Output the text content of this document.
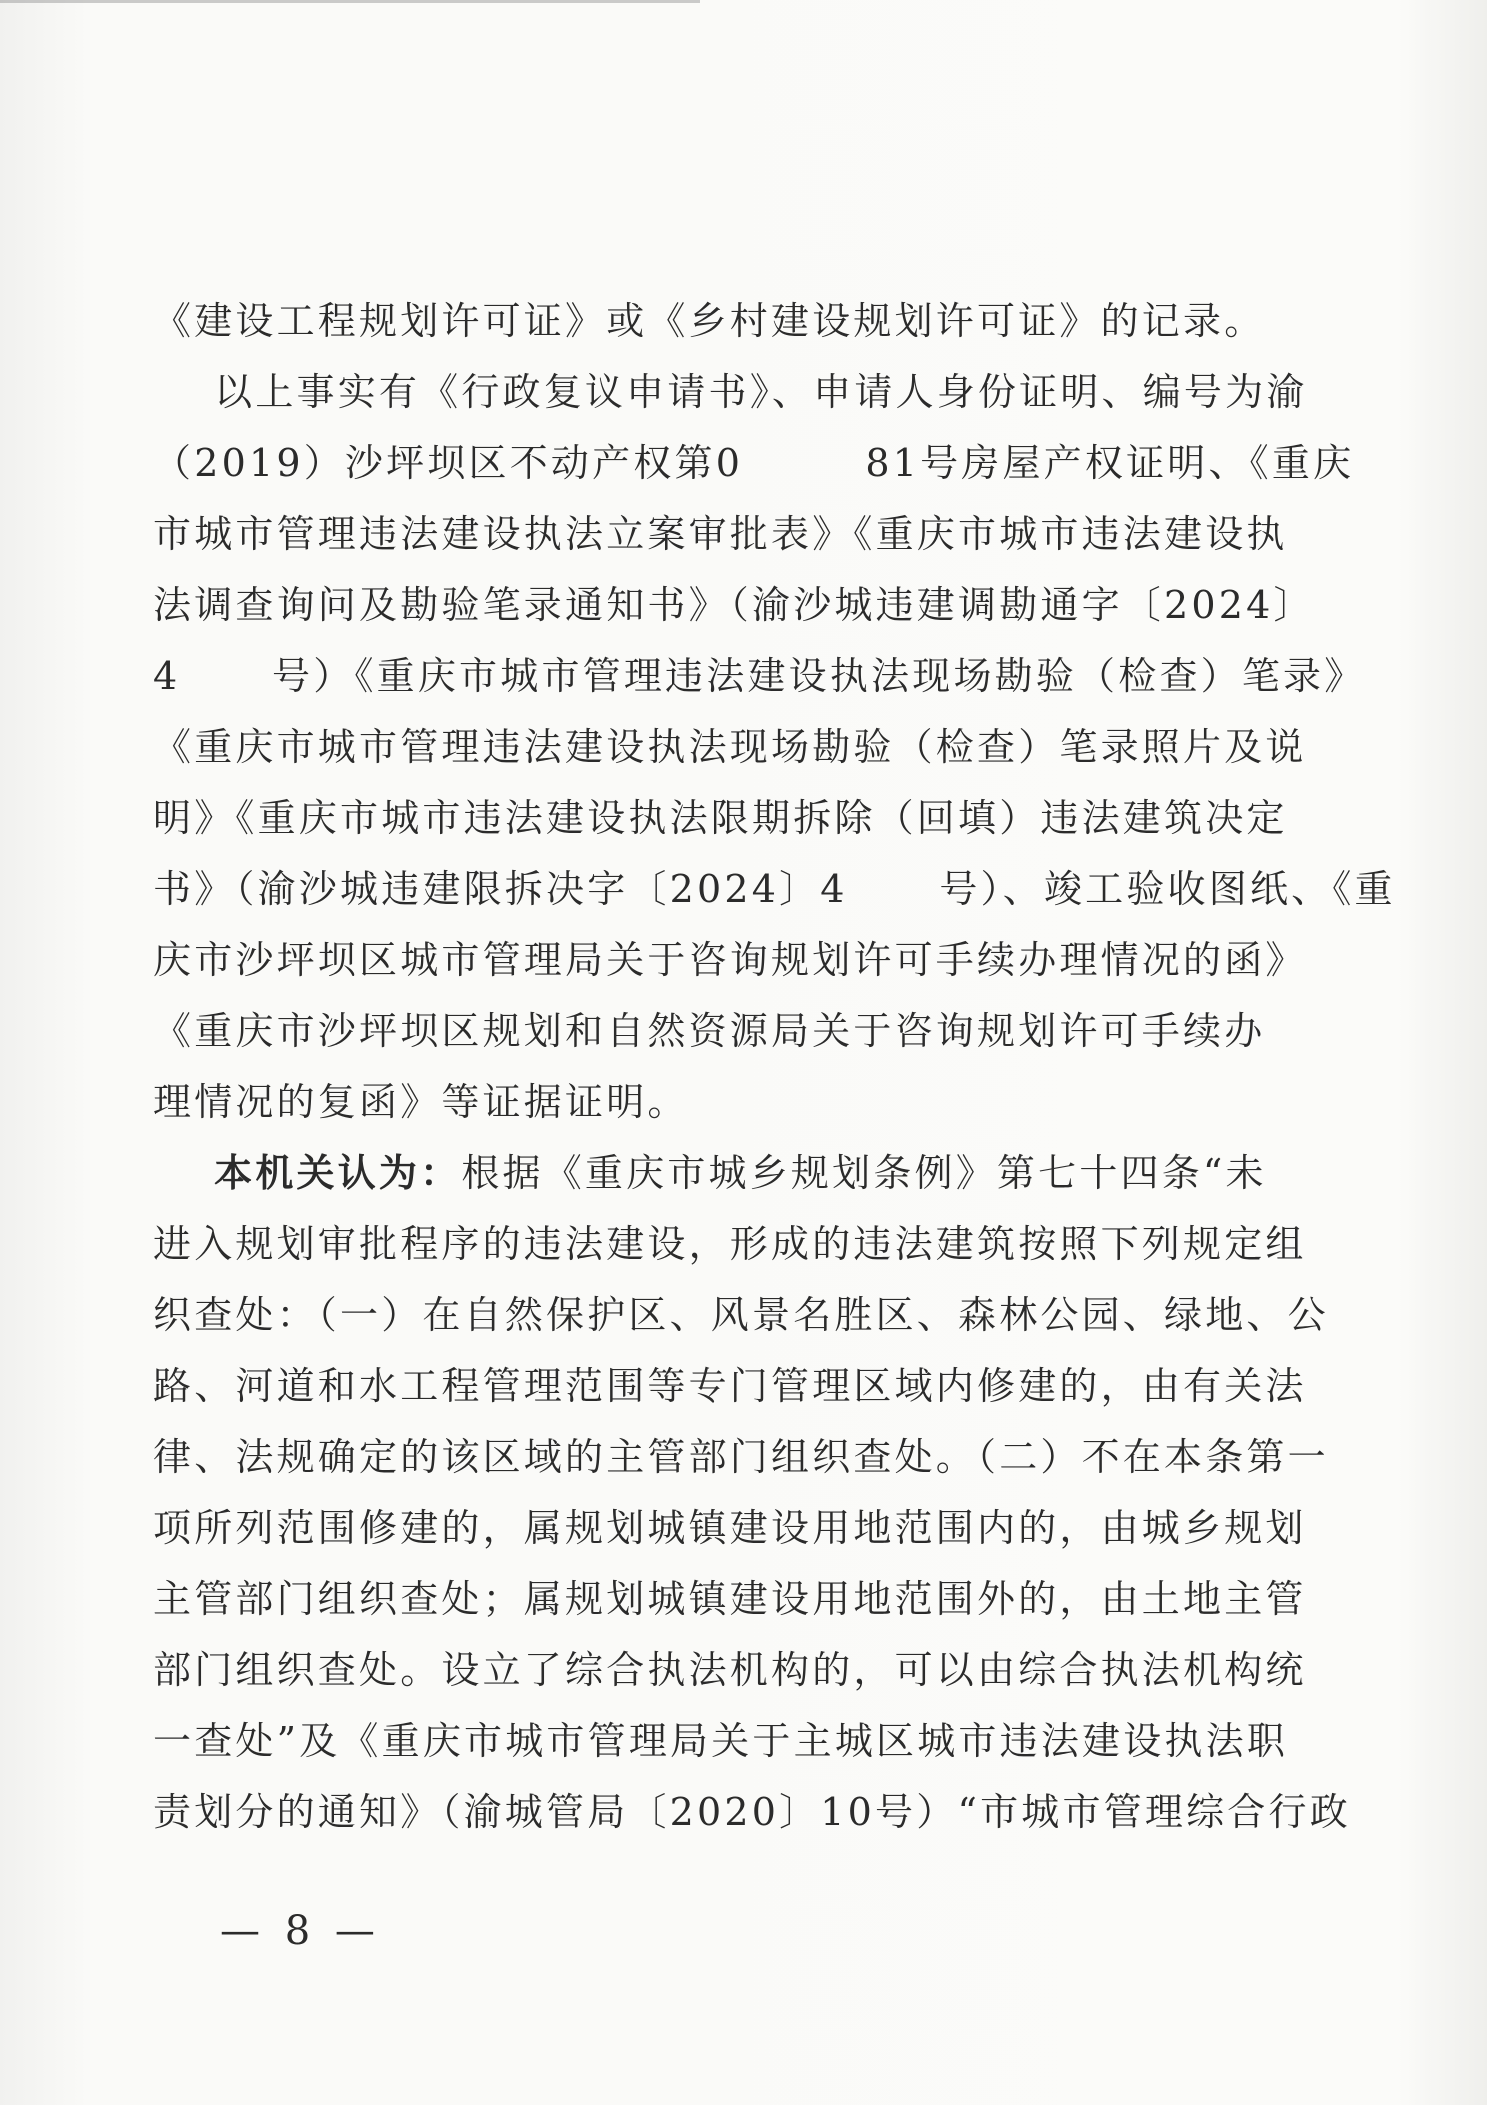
《建设工程规划许可证》或《乡村建设规划许可证》的记录。
以上事实有《行政复议申请书》、申请人身份证明、编号为渝
（2019）沙坪坝区不动产权第0        81号房屋产权证明、《重庆
市城市管理违法建设执法立案审批表》《重庆市城市违法建设执
法调查询问及勘验笔录通知书》（渝沙城违建调勘通字〔2024〕
4      号）《重庆市城市管理违法建设执法现场勘验（检查）笔录》
《重庆市城市管理违法建设执法现场勘验（检查）笔录照片及说
明》《重庆市城市违法建设执法限期拆除（回填）违法建筑决定
书》（渝沙城违建限拆决字〔2024〕4      号）、竣工验收图纸、《重
庆市沙坪坝区城市管理局关于咨询规划许可手续办理情况的函》
《重庆市沙坪坝区规划和自然资源局关于咨询规划许可手续办
理情况的复函》等证据证明。
本机关认为：根据《重庆市城乡规划条例》第七十四条“未
进入规划审批程序的违法建设，形成的违法建筑按照下列规定组
织查处：（一）在自然保护区、风景名胜区、森林公园、绿地、公
路、河道和水工程管理范围等专门管理区域内修建的，由有关法
律、法规确定的该区域的主管部门组织查处。（二）不在本条第一
项所列范围修建的，属规划城镇建设用地范围内的，由城乡规划
主管部门组织查处；属规划城镇建设用地范围外的，由土地主管
部门组织查处。设立了综合执法机构的，可以由综合执法机构统
一查处”及《重庆市城市管理局关于主城区城市违法建设执法职
责划分的通知》（渝城管局〔2020〕10号）“市城市管理综合行政
— 8 —
